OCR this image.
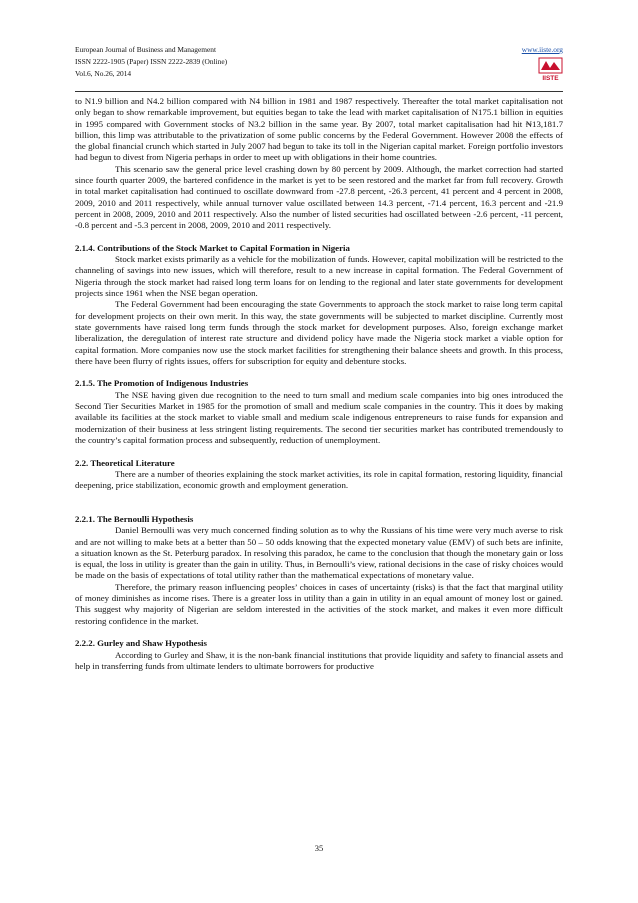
European Journal of Business and Management
ISSN 2222-1905 (Paper) ISSN 2222-2839 (Online)
Vol.6, No.26, 2014
www.iiste.org
IISTE

to N1.9 billion and N4.2 billion compared with N4 billion in 1981 and 1987 respectively. Thereafter the total market capitalisation not only began to show remarkable improvement, but equities began to take the lead with market capitalisation of N175.1 billion in equities in 1995 compared with Government stocks of N3.2 billion in the same year. By 2007, total market capitalisation had hit ₦13,181.7 billion, this limp was attributable to the privatization of some public concerns by the Federal Government. However 2008 the effects of the global financial crunch which started in July 2007 had begun to take its toll in the Nigerian capital market. Foreign portfolio investors had begun to divest from Nigeria perhaps in order to meet up with obligations in their home countries.

This scenario saw the general price level crashing down by 80 percent by 2009. Although, the market correction had started since fourth quarter 2009, the bartered confidence in the market is yet to be seen restored and the market far from full recovery. Growth in total market capitalisation had continued to oscillate downward from -27.8 percent, -26.3 percent, 41 percent and 4 percent in 2008, 2009, 2010 and 2011 respectively, while annual turnover value oscillated between 14.3 percent, -71.4 percent, 16.3 percent and -21.9 percent in 2008, 2009, 2010 and 2011 respectively. Also the number of listed securities had oscillated between -2.6 percent, -11 percent, -0.8 percent and -5.3 percent in 2008, 2009, 2010 and 2011 respectively.

2.1.4. Contributions of the Stock Market to Capital Formation in Nigeria

Stock market exists primarily as a vehicle for the mobilization of funds. However, capital mobilization will be restricted to the channeling of savings into new issues, which will therefore, result to a new increase in capital formation. The Federal Government of Nigeria through the stock market had raised long term loans for on lending to the regional and later state governments for development projects since 1961 when the NSE began operation.

The Federal Government had been encouraging the state Governments to approach the stock market to raise long term capital for development projects on their own merit. In this way, the state governments will be subjected to market discipline. Currently most state governments have raised long term funds through the stock market for development purposes. Also, foreign exchange market liberalization, the deregulation of interest rate structure and dividend policy have made the Nigeria stock market a viable option for capital formation. More companies now use the stock market facilities for strengthening their balance sheets and growth. In this process, there have been flurry of rights issues, offers for subscription for equity and debenture stocks.

2.1.5. The Promotion of Indigenous Industries

The NSE having given due recognition to the need to turn small and medium scale companies into big ones introduced the Second Tier Securities Market in 1985 for the promotion of small and medium scale companies in the country. This it does by making available its facilities at the stock market to viable small and medium scale indigenous entrepreneurs to raise funds for expansion and modernization of their business at less stringent listing requirements. The second tier securities market has contributed tremendously to the country’s capital formation process and subsequently, reduction of unemployment.

2.2. Theoretical Literature

There are a number of theories explaining the stock market activities, its role in capital formation, restoring liquidity, financial deepening, price stabilization, economic growth and employment generation.

2.2.1. The Bernoulli Hypothesis

Daniel Bernoulli was very much concerned finding solution as to why the Russians of his time were very much averse to risk and are not willing to make bets at a better than 50 – 50 odds knowing that the expected monetary value (EMV) of such bets are infinite, a situation known as the St. Peterburg paradox. In resolving this paradox, he came to the conclusion that though the monetary gain or loss is equal, the loss in utility is greater than the gain in utility. Thus, in Bernoulli’s view, rational decisions in the case of risky choices would be made on the basis of expectations of total utility rather than the mathematical expectations of monetary value.

Therefore, the primary reason influencing peoples’ choices in cases of uncertainty (risks) is that the fact that marginal utility of money diminishes as income rises. There is a greater loss in utility than a gain in utility in an equal amount of money lost or gained. This suggest why majority of Nigerian are seldom interested in the activities of the stock market, and makes it even more difficult restoring confidence in the market.

2.2.2. Gurley and Shaw Hypothesis

According to Gurley and Shaw, it is the non-bank financial institutions that provide liquidity and safety to financial assets and help in transferring funds from ultimate lenders to ultimate borrowers for productive

35
